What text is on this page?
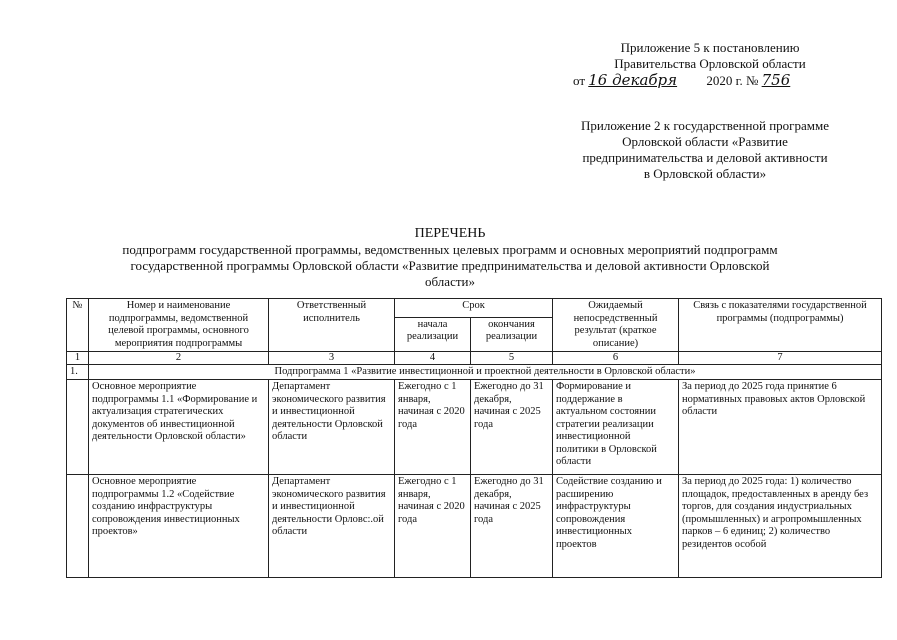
Приложение 5 к постановлению
Правительства Орловской области
от 16 декабря 2020 г. № 756
Приложение 2 к государственной программе
Орловской области «Развитие
предпринимательства и деловой активности
в Орловской области»
ПЕРЕЧЕНЬ
подпрограмм государственной программы, ведомственных целевых программ и основных мероприятий подпрограмм
государственной программы Орловской области «Развитие предпринимательства и деловой активности Орловской
области»
№	Номер и наименование подпрограммы, ведомственной целевой программы, основного мероприятия подпрограммы	Ответственный исполнитель	Срок		Ожидаемый непосредственный результат (краткое описание)	Связь с показателями государственной программы (подпрограммы)
			начала реализации	окончания реализации		
1	2	3	4	5	6	7
1.	Подпрограмма 1 «Развитие инвестиционной и проектной деятельности в Орловской области»					
	Основное мероприятие подпрограммы 1.1 «Формирование и актуализация стратегических документов об инвестиционной деятельности Орловской области»	Департамент экономического развития и инвестиционной деятельности Орловской области	Ежегодно с 1 января, начиная с 2020 года	Ежегодно до 31 декабря, начиная с 2025 года	Формирование и поддержание в актуальном состоянии стратегии реализации инвестиционной политики в Орловской области	За период до 2025 года принятие 6 нормативных правовых актов Орловской области
	Основное мероприятие подпрограммы 1.2 «Содействие созданию инфраструктуры сопровождения инвестиционных проектов»	Департамент экономического развития и инвестиционной деятельности Орловс:.ой области	Ежегодно с 1 января, начиная с 2020 года	Ежегодно до 31 декабря, начиная с 2025 года	Содействие созданию и расширению инфраструктуры сопровождения инвестиционных проектов	За период до 2025 года: 1) количество площадок, предоставленных в аренду без торгов, для создания индустриальных (промышленных) и агропромышленных парков – 6 единиц; 2) количество резидентов особой
